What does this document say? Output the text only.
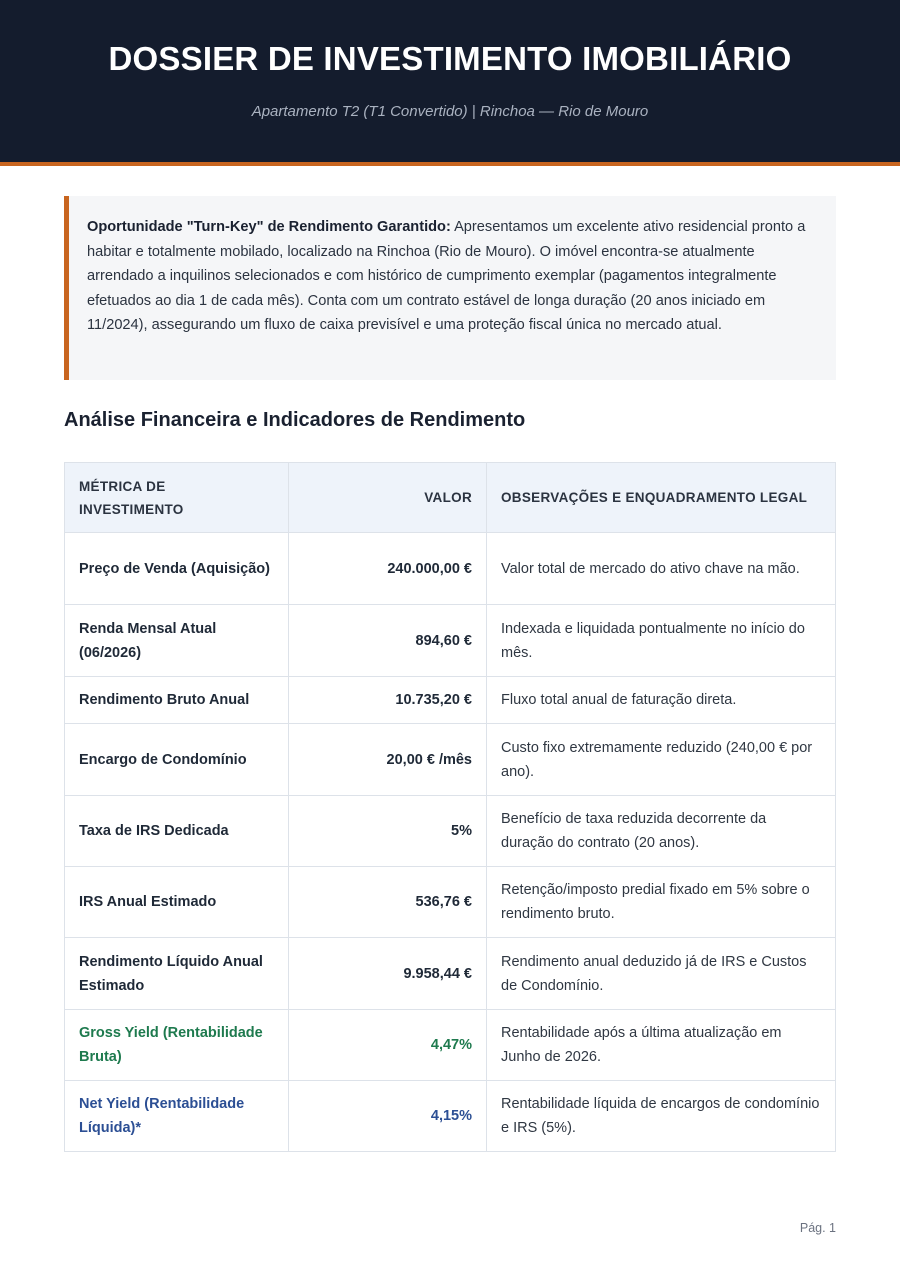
DOSSIER DE INVESTIMENTO IMOBILIÁRIO
Apartamento T2 (T1 Convertido) | Rinchoa — Rio de Mouro
Oportunidade "Turn-Key" de Rendimento Garantido: Apresentamos um excelente ativo residencial pronto a habitar e totalmente mobilado, localizado na Rinchoa (Rio de Mouro). O imóvel encontra-se atualmente arrendado a inquilinos selecionados e com histórico de cumprimento exemplar (pagamentos integralmente efetuados ao dia 1 de cada mês). Conta com um contrato estável de longa duração (20 anos iniciado em 11/2024), assegurando um fluxo de caixa previsível e uma proteção fiscal única no mercado atual.
Análise Financeira e Indicadores de Rendimento
MÉTRICA DE INVESTIMENTO	VALOR	OBSERVAÇÕES E ENQUADRAMENTO LEGAL
Preço de Venda (Aquisição)	240.000,00 €	Valor total de mercado do ativo chave na mão.
Renda Mensal Atual (06/2026)	894,60 €	Indexada e liquidada pontualmente no início do mês.
Rendimento Bruto Anual	10.735,20 €	Fluxo total anual de faturação direta.
Encargo de Condomínio	20,00 € /mês	Custo fixo extremamente reduzido (240,00 € por ano).
Taxa de IRS Dedicada	5%	Benefício de taxa reduzida decorrente da duração do contrato (20 anos).
IRS Anual Estimado	536,76 €	Retenção/imposto predial fixado em 5% sobre o rendimento bruto.
Rendimento Líquido Anual Estimado	9.958,44 €	Rendimento anual deduzido já de IRS e Custos de Condomínio.
Gross Yield (Rentabilidade Bruta)	4,47%	Rentabilidade após a última atualização em Junho de 2026.
Net Yield (Rentabilidade Líquida)*	4,15%	Rentabilidade líquida de encargos de condomínio e IRS (5%).
Pág. 1
